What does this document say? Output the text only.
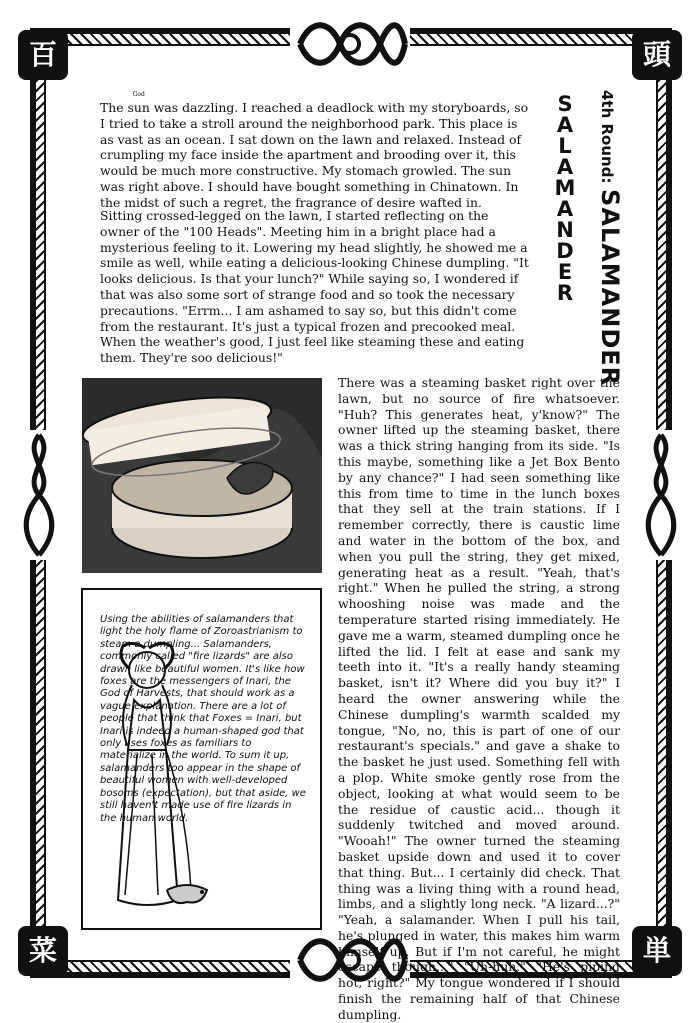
百	頭
菜	単
S
A
L
A
M
A
N
D
E
R
4th Round: SALAMANDER

The sun
God
was dazzling. I reached a deadlock with my storyboards, so I tried to take a stroll around the neighborhood park. This place is as vast as an ocean. I sat down on the lawn and relaxed. Instead of crumpling my face inside the apartment and brooding over it, this would be much more constructive. My stomach growled. The sun was right above. I should have bought something in Chinatown. In the midst of such a regret, the fragrance of desire wafted in.

Sitting crossed-legged on the lawn, I started reflecting on the owner of the "100 Heads". Meeting him in a bright place had a mysterious feeling to it. Lowering my head slightly, he showed me a smile as well, while eating a delicious-looking Chinese dumpling. "It looks delicious. Is that your lunch?" While saying so, I wondered if that was also some sort of strange food and so took the necessary precautions. "Errm... I am ashamed to say so, but this didn't come from the restaurant. It's just a typical frozen and precooked meal. When the weather's good, I just feel like steaming these and eating them. They're soo delicious!"

There was a steaming basket right over the lawn, but no source of fire whatsoever. "Huh? This generates heat, y'know?" The owner lifted up the steaming basket, there was a thick string hanging from its side. "Is this maybe, something like a Jet Box Bento by any chance?" I had seen something like this from time to time in the lunch boxes that they sell at the train stations. If I remember correctly, there is caustic lime and water in the bottom of the box, and when you pull the string, they get mixed, generating heat as a result. "Yeah, that's right." When he pulled the string, a strong whooshing noise was made and the temperature started rising immediately. He gave me a warm, steamed dumpling once he lifted the lid. I felt at ease and sank my teeth into it. "It's a really handy steaming basket, isn't it? Where did you buy it?" I heard the owner answering while the Chinese dumpling's warmth scalded my tongue, "No, no, this is part of one of our restaurant's specials." and gave a shake to the basket he just used. Something fell with a plop. White smoke gently rose from the object, looking at what would seem to be the residue of caustic acid... though it suddenly twitched and moved around. "Wooah!" The owner turned the steaming basket upside down and used it to cover that thing. But... I certainly did check. That thing was a living thing with a round head, limbs, and a slightly long neck. "A lizard...?" "Yeah, a salamander. When I pull his tail, he's plunged in water, this makes him warm himself up. But if I'm not careful, he might escape though..." "Uh-huh." "He's piping hot, right?" My tongue wondered if I should finish the remaining half of that Chinese dumpling.

Using the abilities of salamanders that light the holy flame of Zoroastrianism to steam a dumpling... Salamanders, commonly called "fire lizards" are also drawn like beautiful women. It's like how foxes are the messengers of Inari, the God of Harvests, that should work as a vague explanation. There are a lot of people that think that Foxes = Inari, but Inari is indeed a human-shaped god that only uses foxes as familiars to materialize in the world. To sum it up, salamanders too appear in the shape of beautiful women with well-developed bosoms (expectation), but that aside, we still haven't made use of fire lizards in the human world.
